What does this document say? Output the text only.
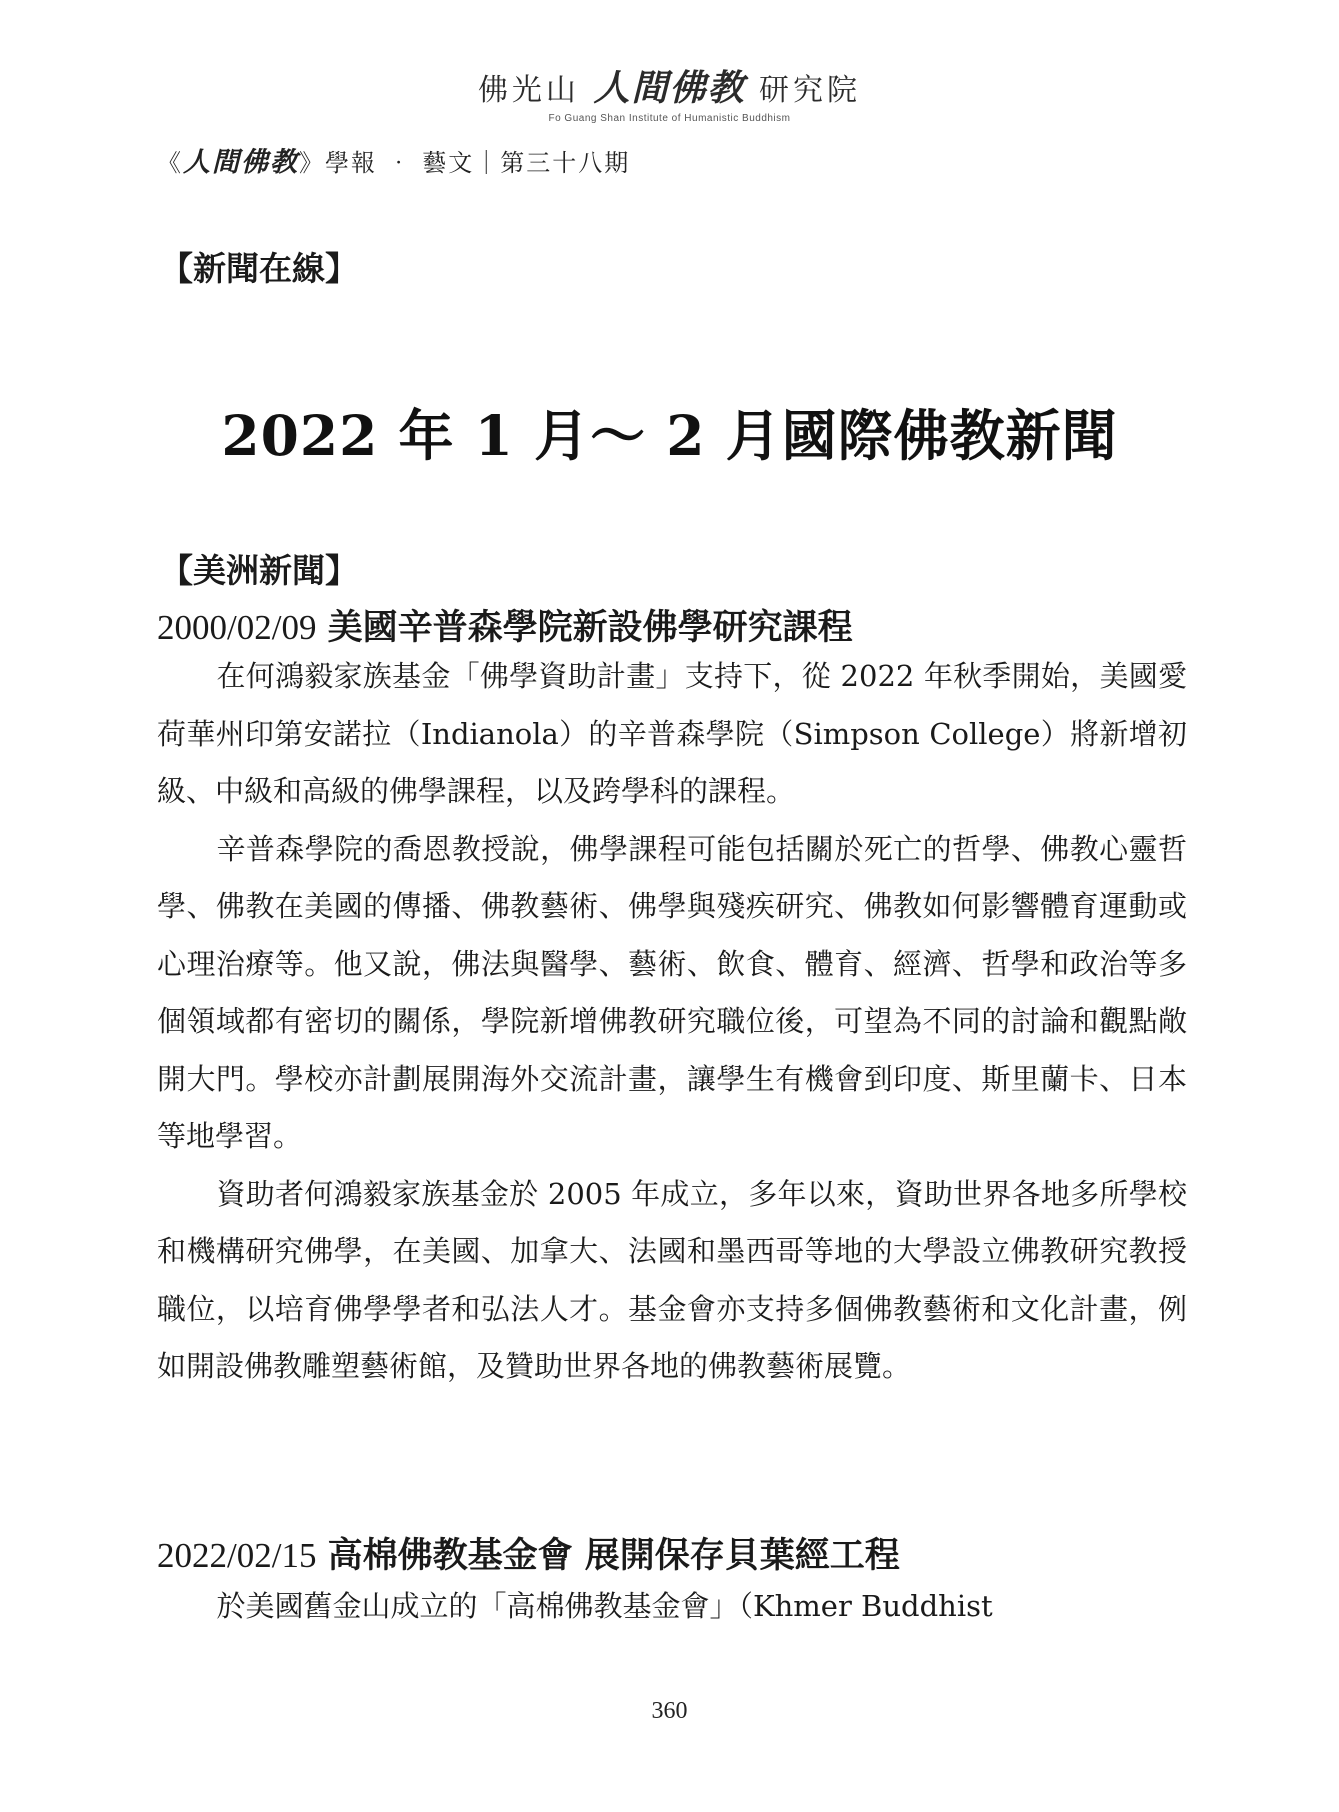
佛光山 人間佛教 研究院
Fo Guang Shan Institute of Humanistic Buddhism
《人間佛教》學報 ‧ 藝文｜第三十八期
【新聞在線】
2022 年 1 月～ 2 月國際佛教新聞
【美洲新聞】
2000/02/09 美國辛普森學院新設佛學研究課程

在何鴻毅家族基金「佛學資助計畫」支持下，從 2022 年秋季開始，美國愛荷華州印第安諾拉（Indianola）的辛普森學院（Simpson College）將新增初級、中級和高級的佛學課程，以及跨學科的課程。

辛普森學院的喬恩教授說，佛學課程可能包括關於死亡的哲學、佛教心靈哲學、佛教在美國的傳播、佛教藝術、佛學與殘疾研究、佛教如何影響體育運動或心理治療等。他又說，佛法與醫學、藝術、飲食、體育、經濟、哲學和政治等多個領域都有密切的關係，學院新增佛教研究職位後，可望為不同的討論和觀點敞開大門。學校亦計劃展開海外交流計畫，讓學生有機會到印度、斯里蘭卡、日本等地學習。

資助者何鴻毅家族基金於 2005 年成立，多年以來，資助世界各地多所學校和機構研究佛學，在美國、加拿大、法國和墨西哥等地的大學設立佛教研究教授職位，以培育佛學學者和弘法人才。基金會亦支持多個佛教藝術和文化計畫，例如開設佛教雕塑藝術館，及贊助世界各地的佛教藝術展覽。

2022/02/15 高棉佛教基金會 展開保存貝葉經工程

於美國舊金山成立的「高棉佛教基金會」（Khmer Buddhist

360
